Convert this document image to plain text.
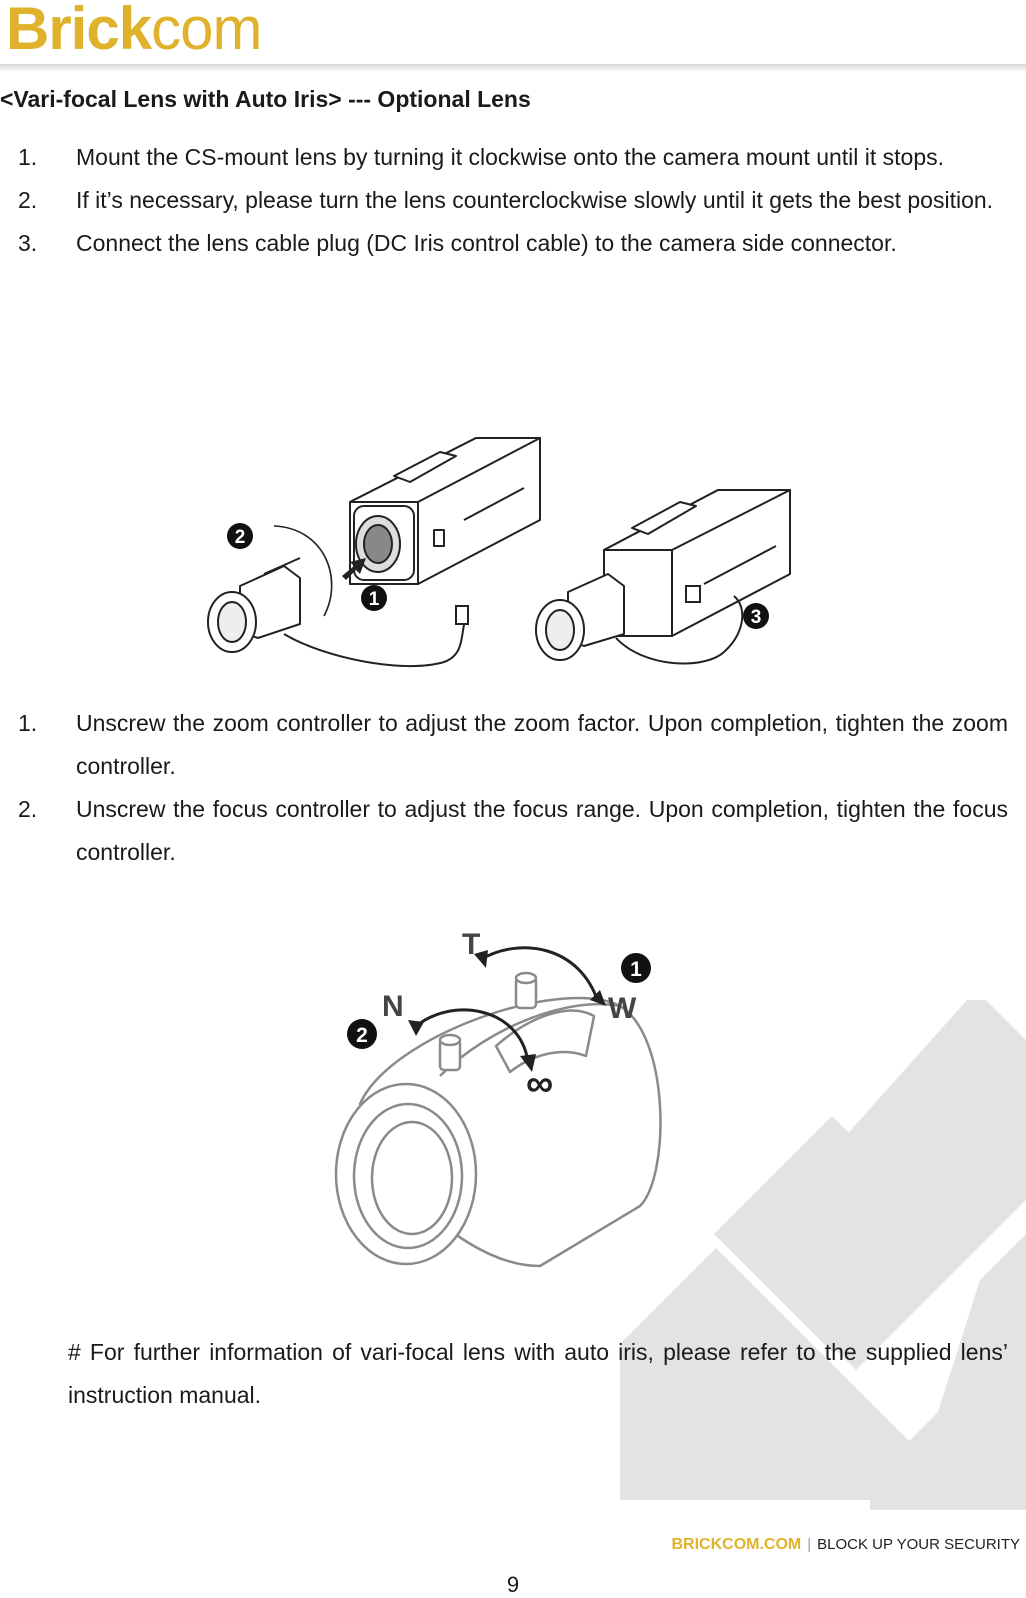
Brickcom
<Vari-focal Lens with Auto Iris> --- Optional Lens
1. Mount the CS-mount lens by turning it clockwise onto the camera mount until it stops.
2. If it’s necessary, please turn the lens counterclockwise slowly until it gets the best position.
3. Connect the lens cable plug (DC Iris control cable) to the camera side connector.
1
2
3
1. Unscrew the zoom controller to adjust the zoom factor. Upon completion, tighten the zoom controller.
2. Unscrew the focus controller to adjust the focus range. Upon completion, tighten the focus controller.
T
W
N
∞
1
2
# For further information of vari-focal lens with auto iris, please refer to the supplied lens’ instruction manual.
BRICKCOM.COM | BLOCK UP YOUR SECURITY
9
